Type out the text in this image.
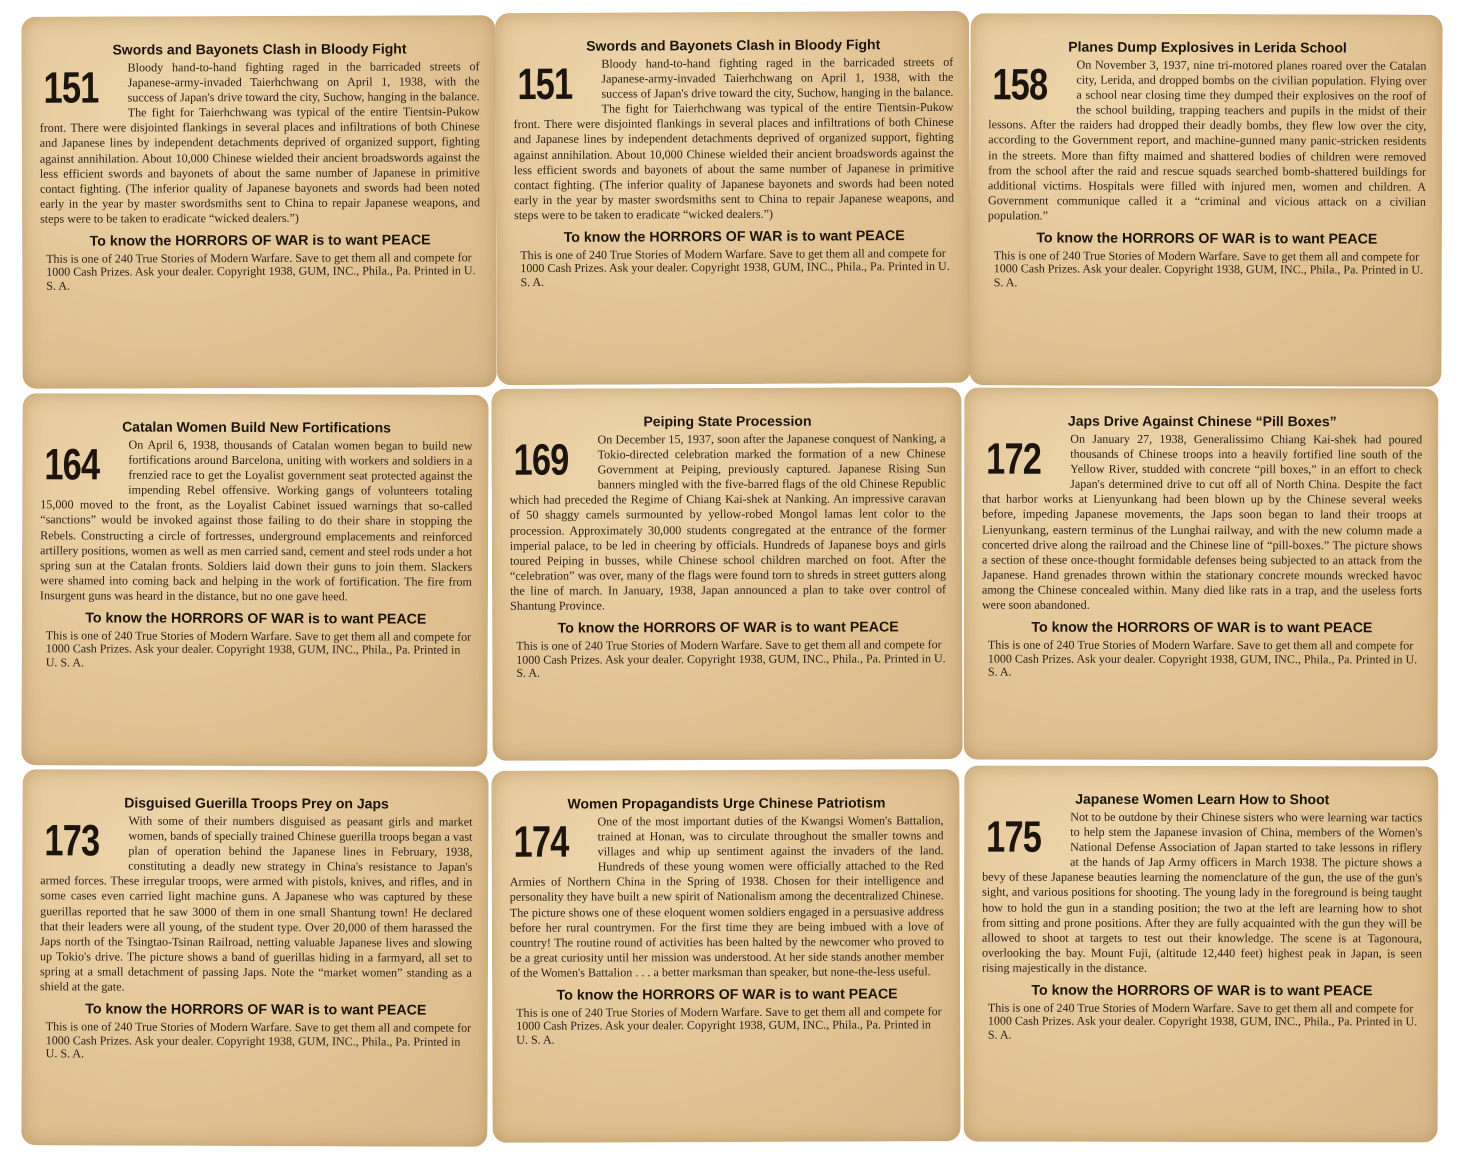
Swords and Bayonets Clash in Bloody Fight
151	Bloody hand-to-hand fighting raged in the barricaded streets of Japanese-army-invaded Taierhchwang on April 1, 1938, with the success of Japan's drive toward the city, Suchow, hanging in the balance. The fight for Taierhchwang was typical of the entire Tientsin-Pukow front. There were disjointed flankings in several places and infiltrations of both Chinese and Japanese lines by independent detachments deprived of organized support, fighting against annihilation. About 10,000 Chinese wielded their ancient broadswords against the less efficient swords and bayonets of about the same number of Japanese in primitive contact fighting. (The inferior quality of Japanese bayonets and swords had been noted early in the year by master swordsmiths sent to China to repair Japanese weapons, and steps were to be taken to eradicate “wicked dealers.”)

To know the HORRORS OF WAR is to want PEACE

This is one of 240 True Stories of Modern Warfare. Save to get them all and compete for 1000 Cash Prizes. Ask your dealer. Copyright 1938, GUM, INC., Phila., Pa. Printed in U. S. A.

Swords and Bayonets Clash in Bloody Fight
151	Bloody hand-to-hand fighting raged in the barricaded streets of Japanese-army-invaded Taierhchwang on April 1, 1938, with the success of Japan's drive toward the city, Suchow, hanging in the balance. The fight for Taierhchwang was typical of the entire Tientsin-Pukow front. There were disjointed flankings in several places and infiltrations of both Chinese and Japanese lines by independent detachments deprived of organized support, fighting against annihilation. About 10,000 Chinese wielded their ancient broadswords against the less efficient swords and bayonets of about the same number of Japanese in primitive contact fighting. (The inferior quality of Japanese bayonets and swords had been noted early in the year by master swordsmiths sent to China to repair Japanese weapons, and steps were to be taken to eradicate “wicked dealers.”)

To know the HORRORS OF WAR is to want PEACE

This is one of 240 True Stories of Modern Warfare. Save to get them all and compete for 1000 Cash Prizes. Ask your dealer. Copyright 1938, GUM, INC., Phila., Pa. Printed in U. S. A.

Planes Dump Explosives in Lerida School
158	On November 3, 1937, nine tri-motored planes roared over the Catalan city, Lerida, and dropped bombs on the civilian population. Flying over a school near closing time they dumped their explosives on the roof of the school building, trapping teachers and pupils in the midst of their lessons. After the raiders had dropped their deadly bombs, they flew low over the city, according to the Government report, and machine-gunned many panic-stricken residents in the streets. More than fifty maimed and shattered bodies of children were removed from the school after the raid and rescue squads searched bomb-shattered buildings for additional victims. Hospitals were filled with injured men, women and children. A Government communique called it a “criminal and vicious attack on a civilian population.”

To know the HORRORS OF WAR is to want PEACE

This is one of 240 True Stories of Modern Warfare. Save to get them all and compete for 1000 Cash Prizes. Ask your dealer. Copyright 1938, GUM, INC., Phila., Pa. Printed in U. S. A.

Catalan Women Build New Fortifications
164	On April 6, 1938, thousands of Catalan women began to build new fortifications around Barcelona, uniting with workers and soldiers in a frenzied race to get the Loyalist government seat protected against the impending Rebel offensive. Working gangs of volunteers totaling 15,000 moved to the front, as the Loyalist Cabinet issued warnings that so-called “sanctions” would be invoked against those failing to do their share in stopping the Rebels. Constructing a circle of fortresses, underground emplacements and reinforced artillery positions, women as well as men carried sand, cement and steel rods under a hot spring sun at the Catalan fronts. Soldiers laid down their guns to join them. Slackers were shamed into coming back and helping in the work of fortification. The fire from Insurgent guns was heard in the distance, but no one gave heed.

To know the HORRORS OF WAR is to want PEACE

This is one of 240 True Stories of Modern Warfare. Save to get them all and compete for 1000 Cash Prizes. Ask your dealer. Copyright 1938, GUM, INC., Phila., Pa. Printed in U. S. A.

Peiping State Procession
169	On December 15, 1937, soon after the Japanese conquest of Nanking, a Tokio-directed celebration marked the formation of a new Chinese Government at Peiping, previously captured. Japanese Rising Sun banners mingled with the five-barred flags of the old Chinese Republic which had preceded the Regime of Chiang Kai-shek at Nanking. An impressive caravan of 50 shaggy camels surmounted by yellow-robed Mongol lamas lent color to the procession. Approximately 30,000 students congregated at the entrance of the former imperial palace, to be led in cheering by officials. Hundreds of Japanese boys and girls toured Peiping in busses, while Chinese school children marched on foot. After the “celebration” was over, many of the flags were found torn to shreds in street gutters along the line of march. In January, 1938, Japan announced a plan to take over control of Shantung Province.

To know the HORRORS OF WAR is to want PEACE

This is one of 240 True Stories of Modern Warfare. Save to get them all and compete for 1000 Cash Prizes. Ask your dealer. Copyright 1938, GUM, INC., Phila., Pa. Printed in U. S. A.

Japs Drive Against Chinese “Pill Boxes”
172	On January 27, 1938, Generalissimo Chiang Kai-shek had poured thousands of Chinese troops into a heavily fortified line south of the Yellow River, studded with concrete “pill boxes,” in an effort to check Japan's determined drive to cut off all of North China. Despite the fact that harbor works at Lienyunkang had been blown up by the Chinese several weeks before, impeding Japanese movements, the Japs soon began to land their troops at Lienyunkang, eastern terminus of the Lunghai railway, and with the new column made a concerted drive along the railroad and the Chinese line of “pill-boxes.” The picture shows a section of these once-thought formidable defenses being subjected to an attack from the Japanese. Hand grenades thrown within the stationary concrete mounds wrecked havoc among the Chinese concealed within. Many died like rats in a trap, and the useless forts were soon abandoned.

To know the HORRORS OF WAR is to want PEACE

This is one of 240 True Stories of Modern Warfare. Save to get them all and compete for 1000 Cash Prizes. Ask your dealer. Copyright 1938, GUM, INC., Phila., Pa. Printed in U. S. A.

Disguised Guerilla Troops Prey on Japs
173	With some of their numbers disguised as peasant girls and market women, bands of specially trained Chinese guerilla troops began a vast plan of operation behind the Japanese lines in February, 1938, constituting a deadly new strategy in China's resistance to Japan's armed forces. These irregular troops, were armed with pistols, knives, and rifles, and in some cases even carried light machine guns. A Japanese who was captured by these guerillas reported that he saw 3000 of them in one small Shantung town! He declared that their leaders were all young, of the student type. Over 20,000 of them harassed the Japs north of the Tsingtao-Tsinan Railroad, netting valuable Japanese lives and slowing up Tokio's drive. The picture shows a band of guerillas hiding in a farmyard, all set to spring at a small detachment of passing Japs. Note the “market women” standing as a shield at the gate.

To know the HORRORS OF WAR is to want PEACE

This is one of 240 True Stories of Modern Warfare. Save to get them all and compete for 1000 Cash Prizes. Ask your dealer. Copyright 1938, GUM, INC., Phila., Pa. Printed in U. S. A.

Women Propagandists Urge Chinese Patriotism
174	One of the most important duties of the Kwangsi Women's Battalion, trained at Honan, was to circulate throughout the smaller towns and villages and whip up sentiment against the invaders of the land. Hundreds of these young women were officially attached to the Red Armies of Northern China in the Spring of 1938. Chosen for their intelligence and personality they have built a new spirit of Nationalism among the decentralized Chinese. The picture shows one of these eloquent women soldiers engaged in a persuasive address before her rural countrymen. For the first time they are being imbued with a love of country! The routine round of activities has been halted by the newcomer who proved to be a great curiosity until her mission was understood. At her side stands another member of the Women's Battalion . . . a better marksman than speaker, but none-the-less useful.

To know the HORRORS OF WAR is to want PEACE

This is one of 240 True Stories of Modern Warfare. Save to get them all and compete for 1000 Cash Prizes. Ask your dealer. Copyright 1938, GUM, INC., Phila., Pa. Printed in U. S. A.

Japanese Women Learn How to Shoot
175	Not to be outdone by their Chinese sisters who were learning war tactics to help stem the Japanese invasion of China, members of the Women's National Defense Association of Japan started to take lessons in riflery at the hands of Jap Army officers in March 1938. The picture shows a bevy of these Japanese beauties learning the nomenclature of the gun, the use of the gun's sight, and various positions for shooting. The young lady in the foreground is being taught how to hold the gun in a standing position; the two at the left are learning how to shot from sitting and prone positions. After they are fully acquainted with the gun they will be allowed to shoot at targets to test out their knowledge. The scene is at Tagonoura, overlooking the bay. Mount Fuji, (altitude 12,440 feet) highest peak in Japan, is seen rising majestically in the distance.

To know the HORRORS OF WAR is to want PEACE

This is one of 240 True Stories of Modern Warfare. Save to get them all and compete for 1000 Cash Prizes. Ask your dealer. Copyright 1938, GUM, INC., Phila., Pa. Printed in U. S. A.
